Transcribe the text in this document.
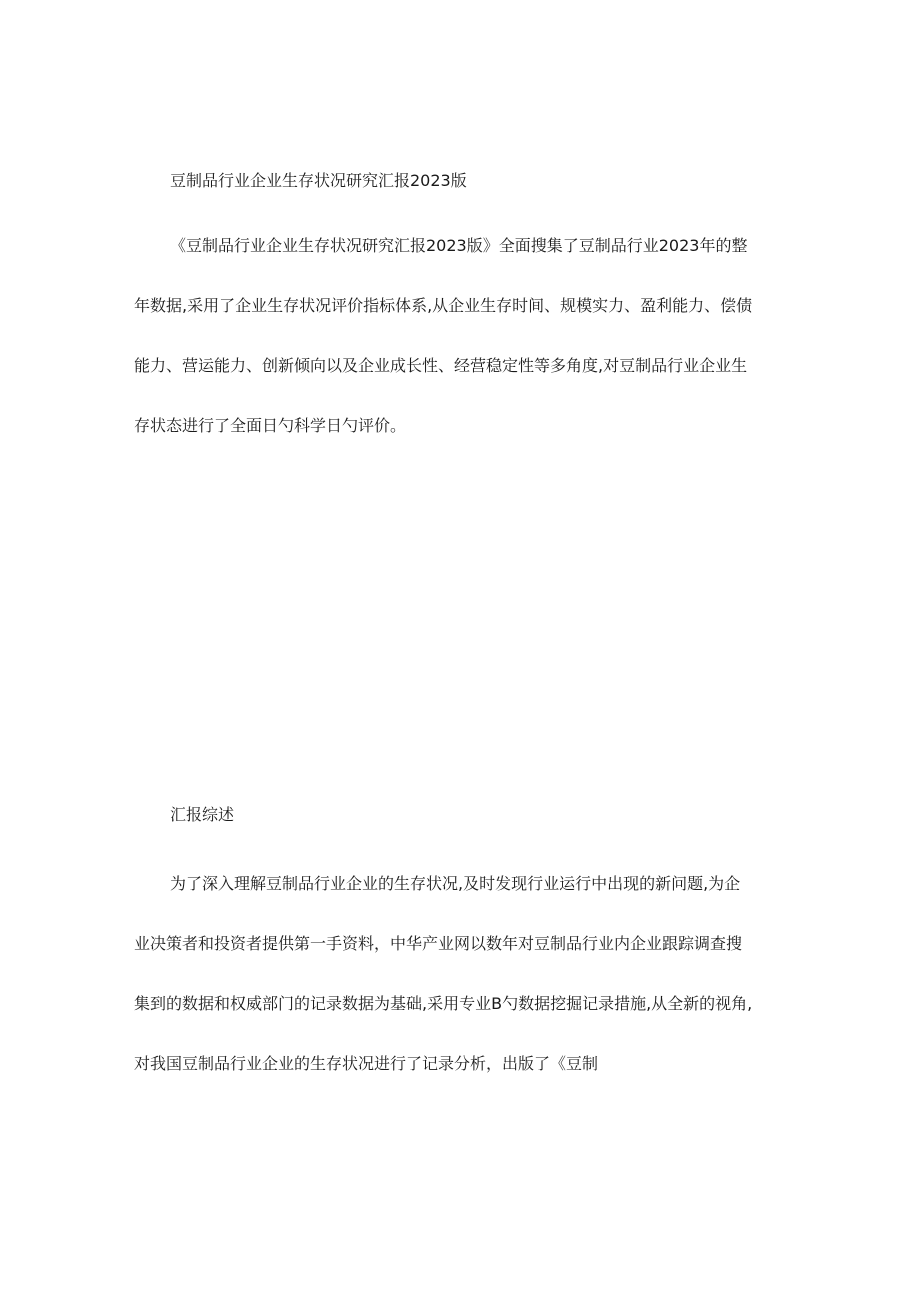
豆制品行业企业生存状况研究汇报2023版
《豆制品行业企业生存状况研究汇报2023版》全面搜集了豆制品行业2023年的整
年数据,采用了企业生存状况评价指标体系,从企业生存时间、规模实力、盈利能力、偿债
能力、营运能力、创新倾向以及企业成长性、经营稳定性等多角度,对豆制品行业企业生
存状态进行了全面日勺科学日勺评价。
汇报综述
为了深入理解豆制品行业企业的生存状况,及时发现行业运行中出现的新问题,为企
业决策者和投资者提供第一手资料，中华产业网以数年对豆制品行业内企业跟踪调查搜
集到的数据和权威部门的记录数据为基础,采用专业B勺数据挖掘记录措施,从全新的视角,
对我国豆制品行业企业的生存状况进行了记录分析，出版了《豆制
